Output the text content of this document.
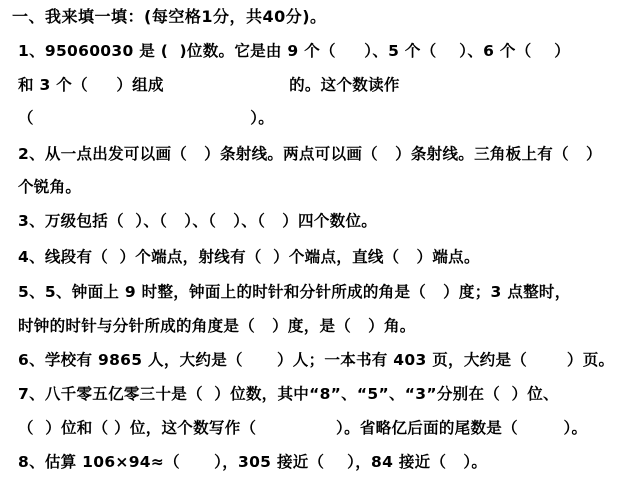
一、我来填一填：(每空格1分，共40分)。
1、95060030 是 (  )位数。它是由 9 个（     ）、5 个（    ）、6 个（    ）
和 3 个（     ）组成                      的。这个数读作
（                                      ）。
2、从一点出发可以画（   ）条射线。两点可以画（   ）条射线。三角板上有（   ）
个锐角。
3、万级包括（  ）、（   ）、（   ）、（   ）四个数位。
4、线段有（  ）个端点，射线有（  ）个端点，直线（   ）端点。
5、5、钟面上 9 时整，钟面上的时针和分针所成的角是（   ）度；3 点整时，
时钟的时针与分针所成的角度是（   ）度，是（   ）角。
6、学校有 9865 人，大约是（      ）人；一本书有 403 页，大约是（       ）页。
7、八千零五亿零三十是（  ）位数，其中“8”、“5”、“3”分别在（  ）位、
（  ）位和（ ）位，这个数写作（              ）。省略亿后面的尾数是（        ）。
8、估算 106×94≈（      ），305 接近（    ），84 接近（   ）。
